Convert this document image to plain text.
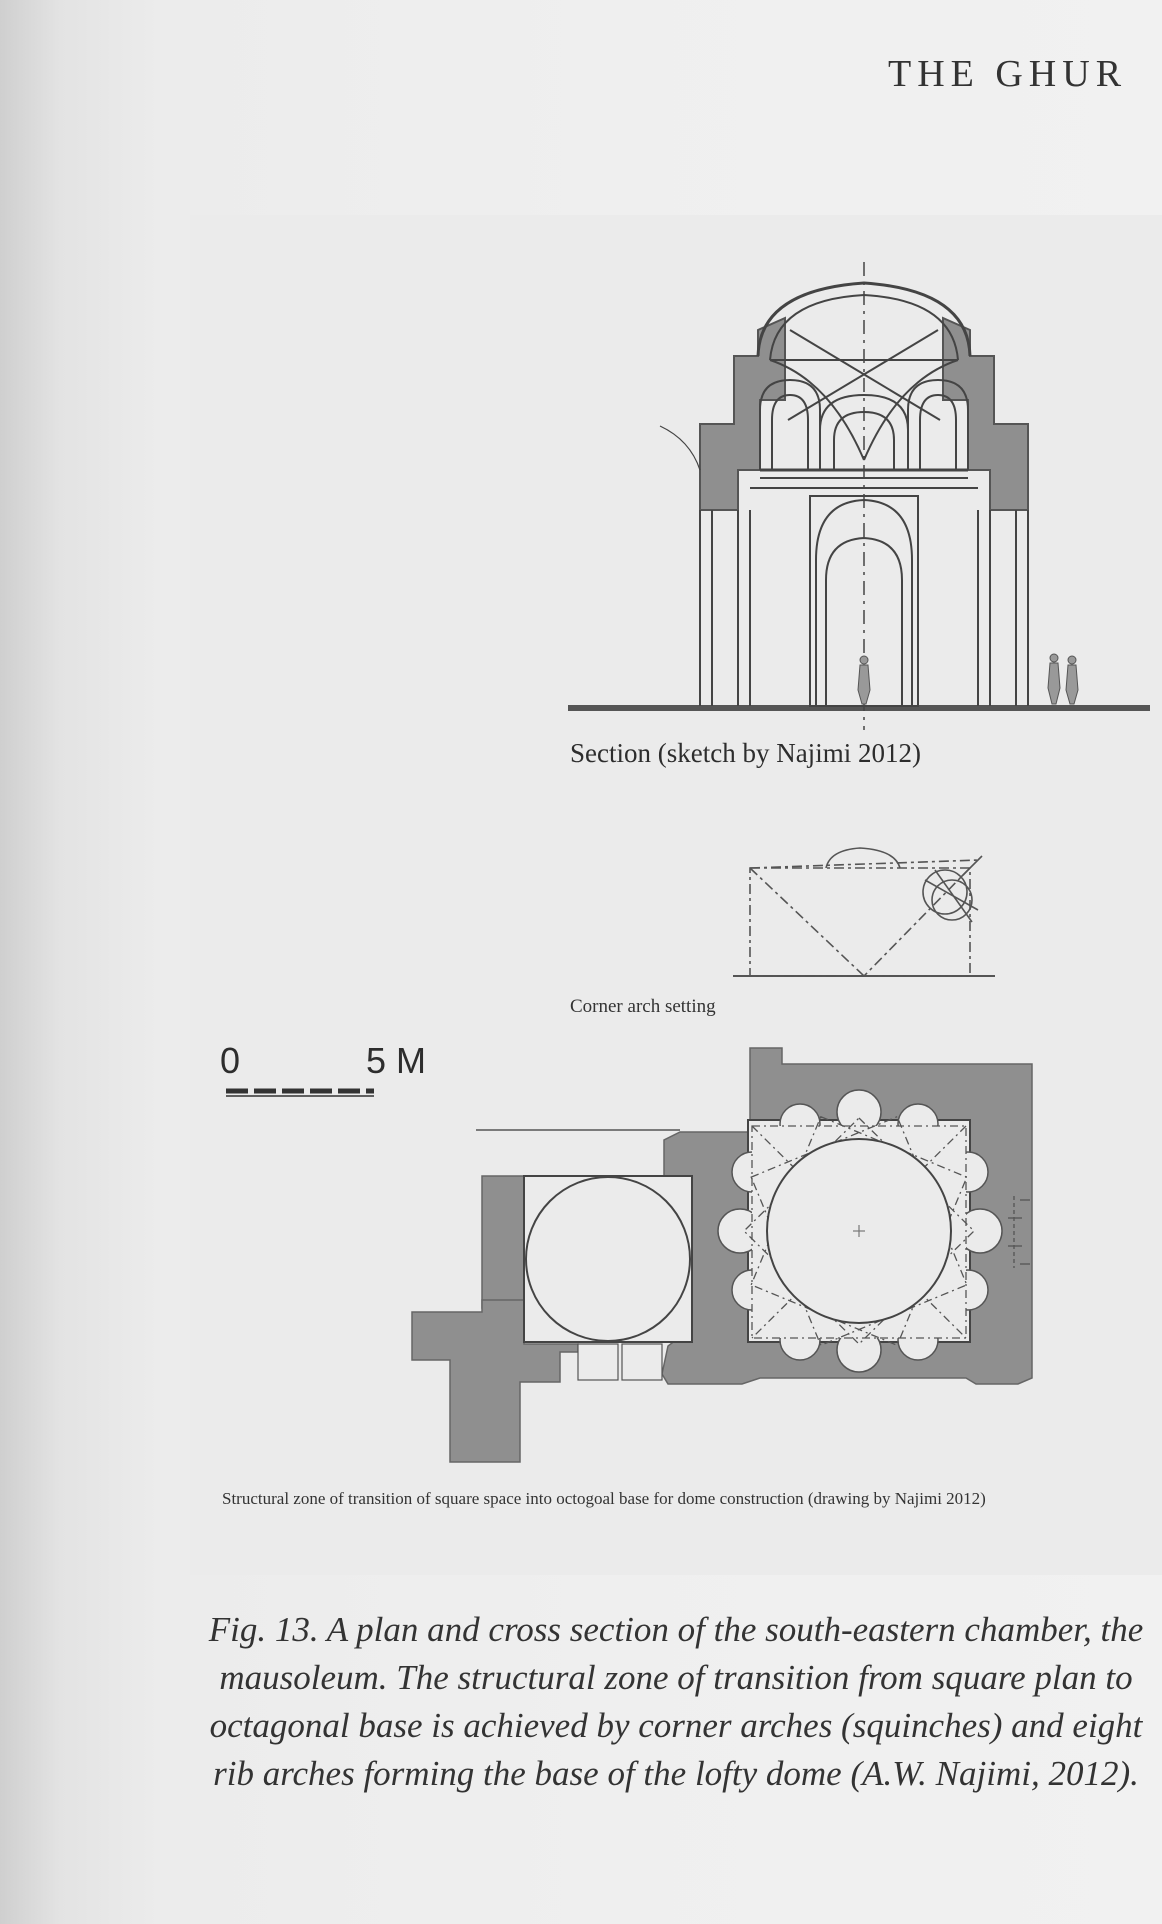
THE GHUR
Section (sketch by Najimi 2012)
Corner arch setting
0	5 M
Structural zone of transition of square space into octogoal base for dome construction (drawing by Najimi 2012)
Fig. 13. A plan and cross section of the south-eastern chamber, the mausoleum. The structural zone of transition from square plan to octagonal base is achieved by corner arches (squinches) and eight rib arches forming the base of the lofty dome (A.W. Najimi, 2012).
